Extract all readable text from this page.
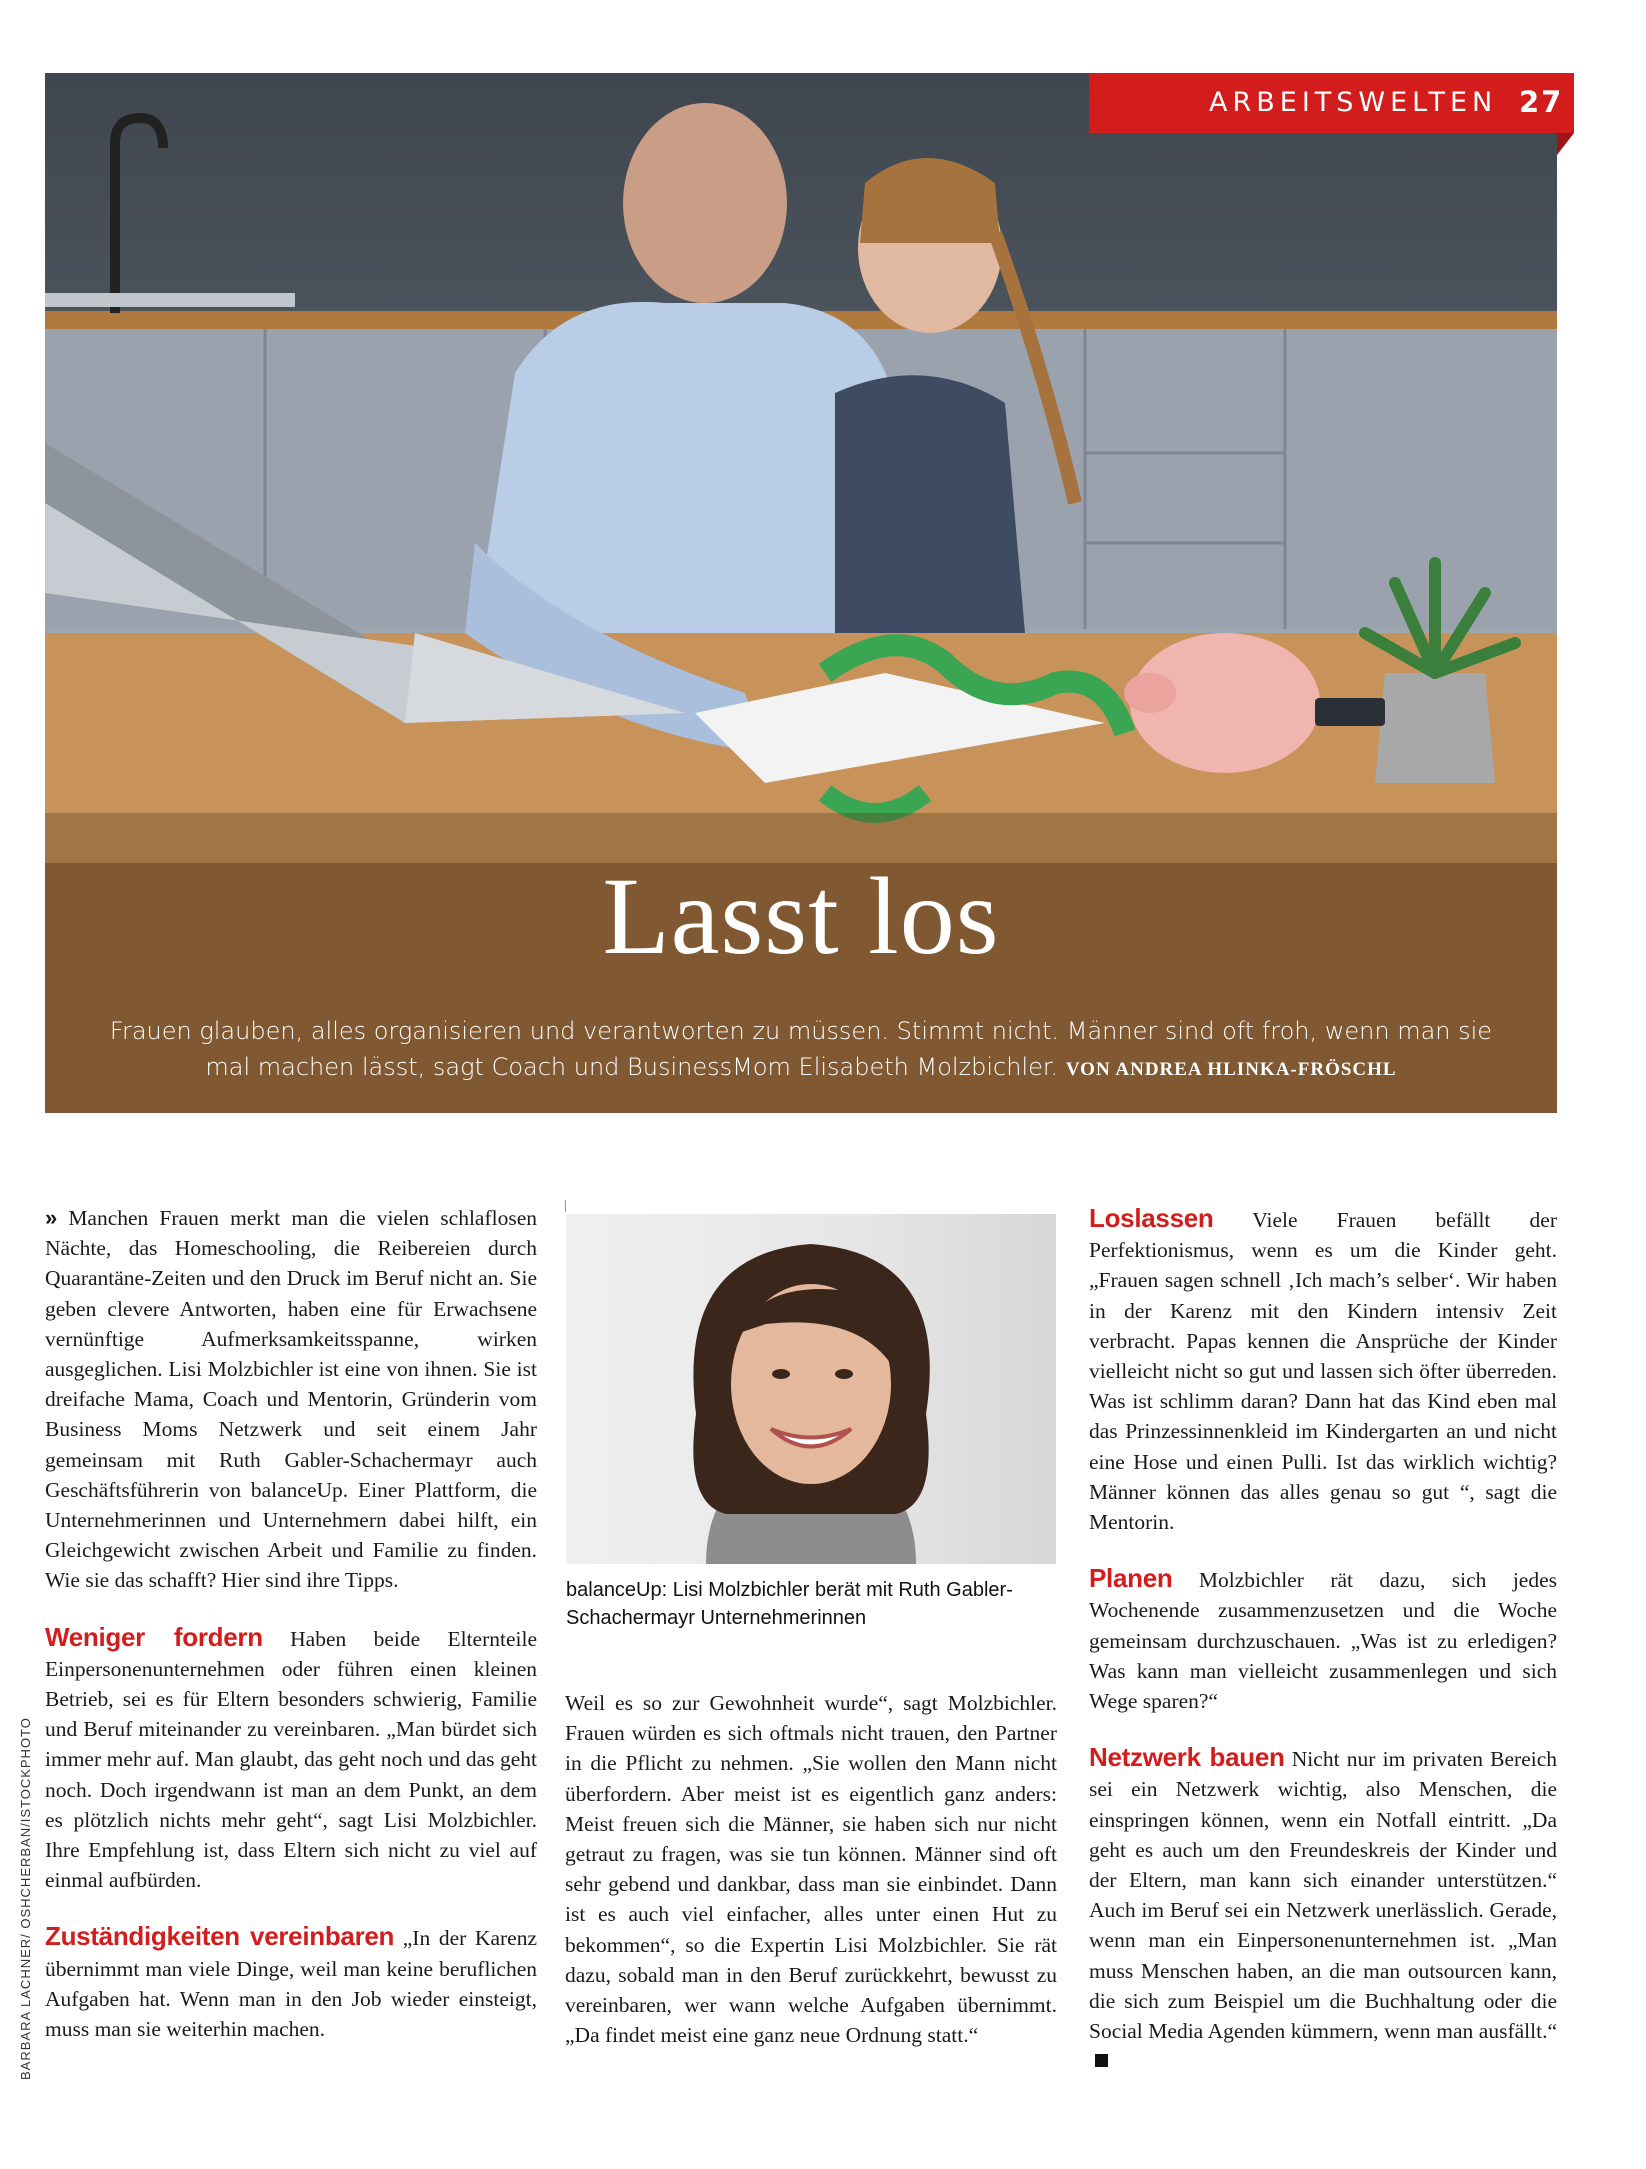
Lasst los
Frauen glauben, alles organisieren und verantworten zu müssen. Stimmt nicht. Männer sind oft froh, wenn man sie mal machen lässt, sagt Coach und BusinessMom Elisabeth Molzbichler. VON ANDREA HLINKA-FRÖSCHL
ARBEITSWELTEN 27

» Manchen Frauen merkt man die vielen schlaflosen Nächte, das Homeschooling, die Reibereien durch Quarantäne-Zeiten und den Druck im Beruf nicht an. Sie geben clevere Antworten, haben eine für Erwachsene vernünftige Aufmerksamkeitsspanne, wirken ausgeglichen. Lisi Molzbichler ist eine von ihnen. Sie ist dreifache Mama, Coach und Mentorin, Gründerin vom Business Moms Netzwerk und seit einem Jahr gemeinsam mit Ruth Gabler-Schachermayr auch Geschäftsführerin von balanceUp. Einer Plattform, die Unternehmerinnen und Unternehmern dabei hilft, ein Gleichgewicht zwischen Arbeit und Familie zu finden. Wie sie das schafft? Hier sind ihre Tipps.

Weniger fordern Haben beide Elternteile Einpersonenunternehmen oder führen einen kleinen Betrieb, sei es für Eltern besonders schwierig, Familie und Beruf miteinander zu vereinbaren. „Man bürdet sich immer mehr auf. Man glaubt, das geht noch und das geht noch. Doch irgendwann ist man an dem Punkt, an dem es plötzlich nichts mehr geht“, sagt Lisi Molzbichler. Ihre Empfehlung ist, dass Eltern sich nicht zu viel auf einmal aufbürden.

Zuständigkeiten vereinbaren „In der Karenz übernimmt man viele Dinge, weil man keine beruflichen Aufgaben hat. Wenn man in den Job wieder einsteigt, muss man sie weiterhin machen.

balanceUp: Lisi Molzbichler berät mit Ruth Gabler-Schachermayr Unternehmerinnen

Weil es so zur Gewohnheit wurde“, sagt Molzbichler. Frauen würden es sich oftmals nicht trauen, den Partner in die Pflicht zu nehmen. „Sie wollen den Mann nicht überfordern. Aber meist ist es eigentlich ganz anders: Meist freuen sich die Männer, sie haben sich nur nicht getraut zu fragen, was sie tun können. Männer sind oft sehr gebend und dankbar, dass man sie einbindet. Dann ist es auch viel einfacher, alles unter einen Hut zu bekommen“, so die Expertin Lisi Molzbichler. Sie rät dazu, sobald man in den Beruf zurückkehrt, bewusst zu vereinbaren, wer wann welche Aufgaben übernimmt. „Da findet meist eine ganz neue Ordnung statt.“

Loslassen Viele Frauen befällt der Perfektionismus, wenn es um die Kinder geht. „Frauen sagen schnell ‚Ich mach’s selber‘. Wir haben in der Karenz mit den Kindern intensiv Zeit verbracht. Papas kennen die Ansprüche der Kinder vielleicht nicht so gut und lassen sich öfter überreden. Was ist schlimm daran? Dann hat das Kind eben mal das Prinzessinnenkleid im Kindergarten an und nicht eine Hose und einen Pulli. Ist das wirklich wichtig? Männer können das alles genau so gut “, sagt die Mentorin.

Planen Molzbichler rät dazu, sich jedes Wochenende zusammenzusetzen und die Woche gemeinsam durchzuschauen. „Was ist zu erledigen? Was kann man vielleicht zusammenlegen und sich Wege sparen?“

Netzwerk bauen Nicht nur im privaten Bereich sei ein Netzwerk wichtig, also Menschen, die einspringen können, wenn ein Notfall eintritt. „Da geht es auch um den Freundeskreis der Kinder und der Eltern, man kann sich einander unterstützen.“ Auch im Beruf sei ein Netzwerk unerlässlich. Gerade, wenn man ein Einpersonenunternehmen ist. „Man muss Menschen haben, an die man outsourcen kann, die sich zum Beispiel um die Buchhaltung oder die Social Media Agenden kümmern, wenn man ausfällt.“

BARBARA LACHNER/ OSHCHERBAN/ISTOCKPHOTO
